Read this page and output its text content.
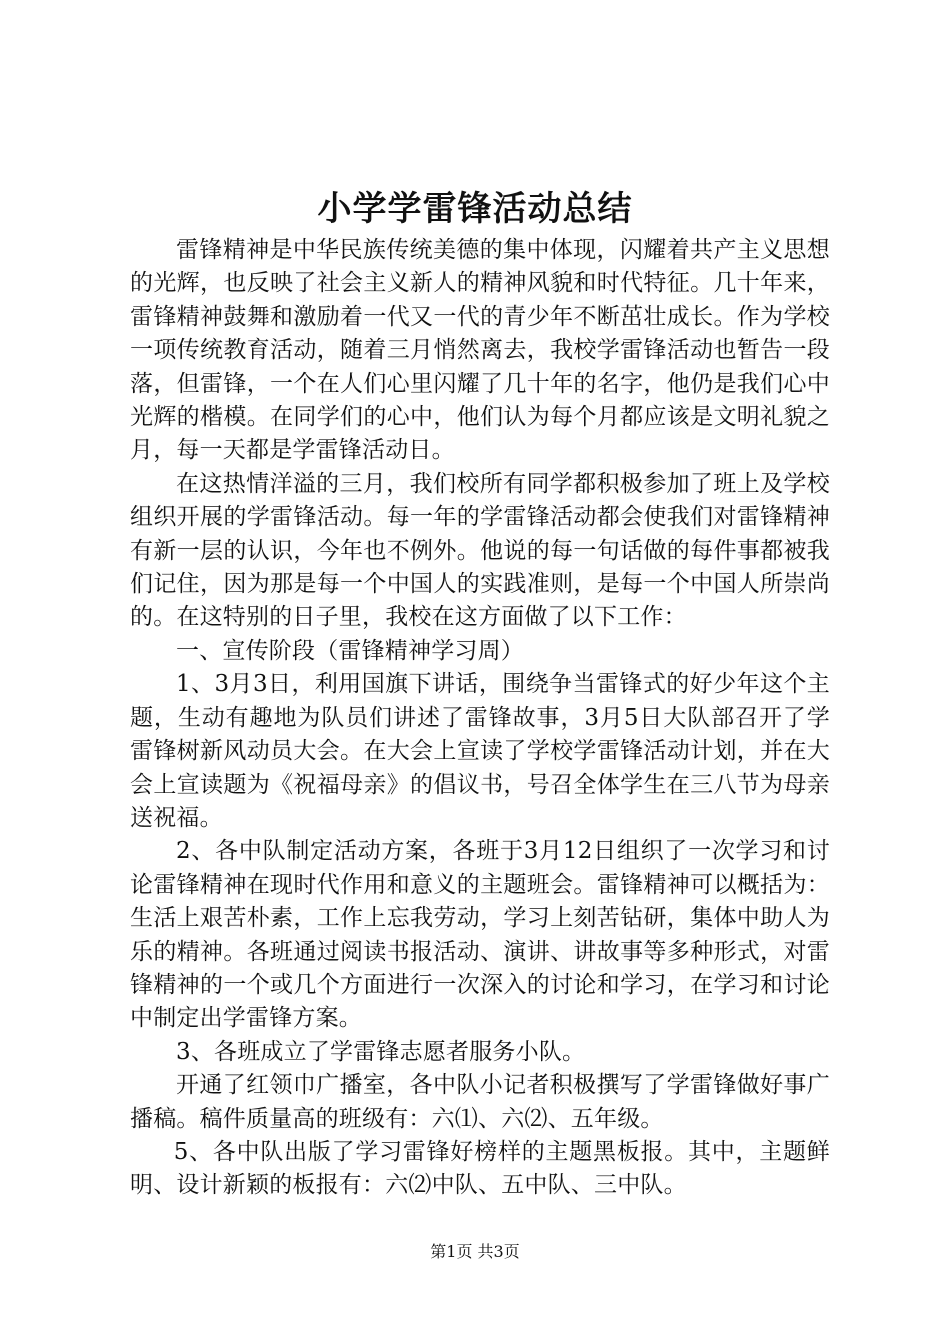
小学学雷锋活动总结

雷锋精神是中华民族传统美德的集中体现，闪耀着共产主义思想的光辉，也反映了社会主义新人的精神风貌和时代特征。几十年来，雷锋精神鼓舞和激励着一代又一代的青少年不断茁壮成长。作为学校一项传统教育活动，随着三月悄然离去，我校学雷锋活动也暂告一段落，但雷锋，一个在人们心里闪耀了几十年的名字，他仍是我们心中光辉的楷模。在同学们的心中，他们认为每个月都应该是文明礼貌之月，每一天都是学雷锋活动日。

在这热情洋溢的三月，我们校所有同学都积极参加了班上及学校组织开展的学雷锋活动。每一年的学雷锋活动都会使我们对雷锋精神有新一层的认识，今年也不例外。他说的每一句话做的每件事都被我们记住，因为那是每一个中国人的实践准则，是每一个中国人所崇尚的。在这特别的日子里，我校在这方面做了以下工作：

一、宣传阶段（雷锋精神学习周）

1、3月3日，利用国旗下讲话，围绕争当雷锋式的好少年这个主题，生动有趣地为队员们讲述了雷锋故事，3月5日大队部召开了学雷锋树新风动员大会。在大会上宣读了学校学雷锋活动计划，并在大会上宣读题为《祝福母亲》的倡议书，号召全体学生在三八节为母亲送祝福。

2、各中队制定活动方案，各班于3月12日组织了一次学习和讨论雷锋精神在现时代作用和意义的主题班会。雷锋精神可以概括为：生活上艰苦朴素，工作上忘我劳动，学习上刻苦钻研，集体中助人为乐的精神。各班通过阅读书报活动、演讲、讲故事等多种形式，对雷锋精神的一个或几个方面进行一次深入的讨论和学习，在学习和讨论中制定出学雷锋方案。

3、各班成立了学雷锋志愿者服务小队。

开通了红领巾广播室，各中队小记者积极撰写了学雷锋做好事广播稿。稿件质量高的班级有：六⑴、六⑵、五年级。

5、各中队出版了学习雷锋好榜样的主题黑板报。其中，主题鲜明、设计新颖的板报有：六⑵中队、五中队、三中队。

第1页 共3页
